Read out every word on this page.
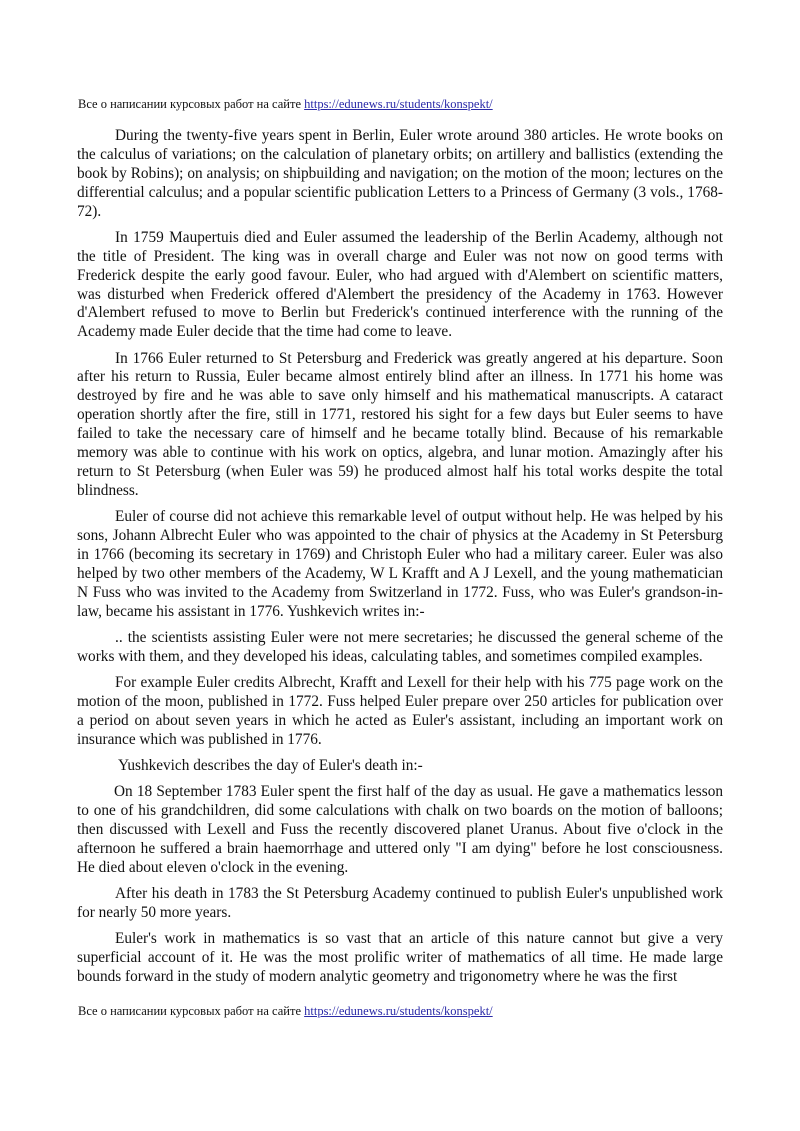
Все о написании курсовых работ на сайте https://edunews.ru/students/konspekt/

During the twenty-five years spent in Berlin, Euler wrote around 380 articles. He wrote books on the calculus of variations; on the calculation of planetary orbits; on artillery and ballistics (extending the book by Robins); on analysis; on shipbuilding and navigation; on the motion of the moon; lectures on the differential calculus; and a popular scientific publication Letters to a Princess of Germany (3 vols., 1768-72).

In 1759 Maupertuis died and Euler assumed the leadership of the Berlin Academy, although not the title of President. The king was in overall charge and Euler was not now on good terms with Frederick despite the early good favour. Euler, who had argued with d'Alembert on scientific matters, was disturbed when Frederick offered d'Alembert the presidency of the Academy in 1763. However d'Alembert refused to move to Berlin but Frederick's continued interference with the running of the Academy made Euler decide that the time had come to leave.

In 1766 Euler returned to St Petersburg and Frederick was greatly angered at his departure. Soon after his return to Russia, Euler became almost entirely blind after an illness. In 1771 his home was destroyed by fire and he was able to save only himself and his mathematical manuscripts. A cataract operation shortly after the fire, still in 1771, restored his sight for a few days but Euler seems to have failed to take the necessary care of himself and he became totally blind. Because of his remarkable memory was able to continue with his work on optics, algebra, and lunar motion. Amazingly after his return to St Petersburg (when Euler was 59) he produced almost half his total works despite the total blindness.

Euler of course did not achieve this remarkable level of output without help. He was helped by his sons, Johann Albrecht Euler who was appointed to the chair of physics at the Academy in St Petersburg in 1766 (becoming its secretary in 1769) and Christoph Euler who had a military career. Euler was also helped by two other members of the Academy, W L Krafft and A J Lexell, and the young mathematician N Fuss who was invited to the Academy from Switzerland in 1772. Fuss, who was Euler's grandson-in-law, became his assistant in 1776. Yushkevich writes in:-

.. the scientists assisting Euler were not mere secretaries; he discussed the general scheme of the works with them, and they developed his ideas, calculating tables, and sometimes compiled examples.

For example Euler credits Albrecht, Krafft and Lexell for their help with his 775 page work on the motion of the moon, published in 1772. Fuss helped Euler prepare over 250 articles for publication over a period on about seven years in which he acted as Euler's assistant, including an important work on insurance which was published in 1776.

Yushkevich describes the day of Euler's death in:-

On 18 September 1783 Euler spent the first half of the day as usual. He gave a mathematics lesson to one of his grandchildren, did some calculations with chalk on two boards on the motion of balloons; then discussed with Lexell and Fuss the recently discovered planet Uranus. About five o'clock in the afternoon he suffered a brain haemorrhage and uttered only "I am dying" before he lost consciousness. He died about eleven o'clock in the evening.

After his death in 1783 the St Petersburg Academy continued to publish Euler's unpublished work for nearly 50 more years.

Euler's work in mathematics is so vast that an article of this nature cannot but give a very superficial account of it. He was the most prolific writer of mathematics of all time. He made large bounds forward in the study of modern analytic geometry and trigonometry where he was the first

Все о написании курсовых работ на сайте https://edunews.ru/students/konspekt/
